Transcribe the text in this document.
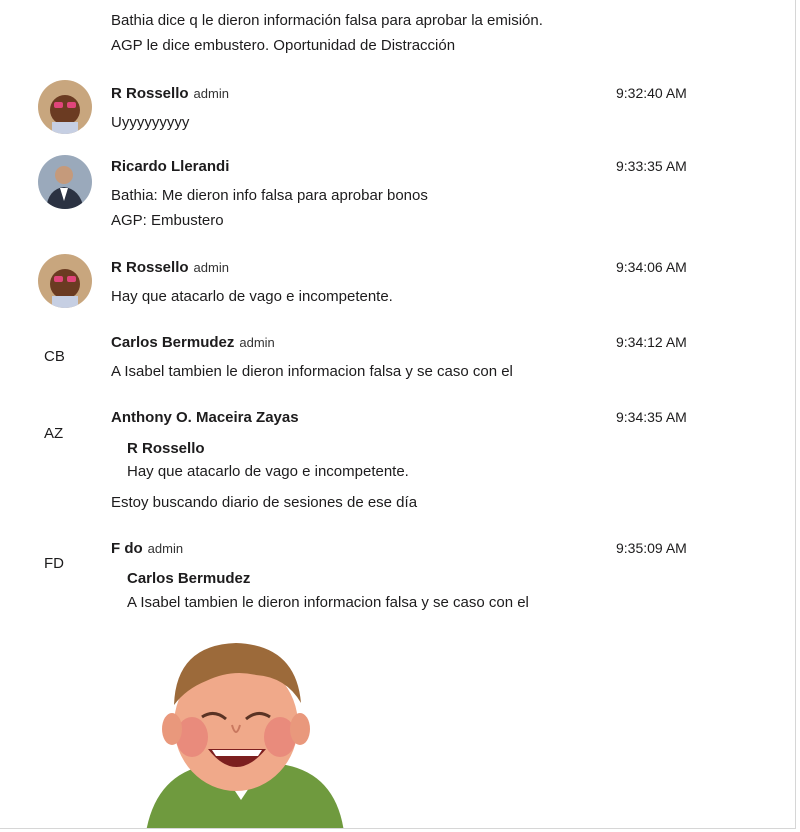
Bathia dice q le dieron información falsa para aprobar la emisión.
AGP le dice embustero. Oportunidad de Distracción
R Rossello admin	9:32:40 AM
Uyyyyyyyyy
Ricardo Llerandi	9:33:35 AM
Bathia: Me dieron info falsa para aprobar bonos
AGP: Embustero
R Rossello admin	9:34:06 AM
Hay que atacarlo de vago e incompetente.
CB
Carlos Bermudez admin	9:34:12 AM
A Isabel tambien le dieron informacion falsa y se caso con el
AZ
Anthony O. Maceira Zayas	9:34:35 AM
R Rossello
Hay que atacarlo de vago e incompetente.
Estoy buscando diario de sesiones de ese día
FD
F do admin	9:35:09 AM
Carlos Bermudez
A Isabel tambien le dieron informacion falsa y se caso con el
